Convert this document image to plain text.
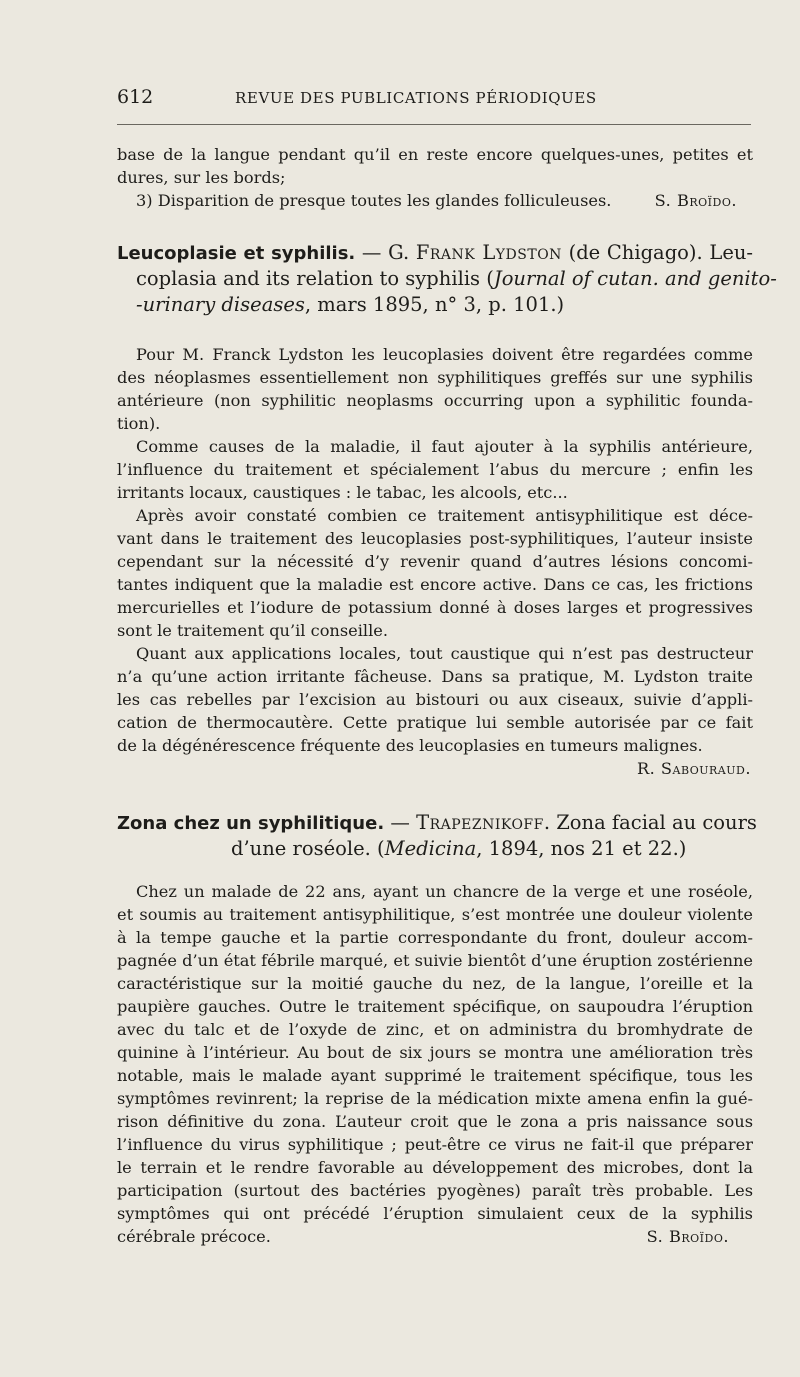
612	REVUE DES PUBLICATIONS PÉRIODIQUES
base de la langue pendant qu’il en reste encore quelques-unes, petites et
dures, sur les bords;
3) Disparition de presque toutes les glandes folliculeuses.	S. Broïdo.
Leucoplasie et syphilis. — G. Frank Lydston (de Chigago). Leu-
coplasia and its relation to syphilis (Journal of cutan. and genito-
-urinary diseases, mars 1895, n° 3, p. 101.)
Pour M. Franck Lydston les leucoplasies doivent être regardées comme
des néoplasmes essentiellement non syphilitiques greffés sur une syphilis
antérieure (non syphilitic neoplasms occurring upon a syphilitic founda-
tion).
Comme causes de la maladie, il faut ajouter à la syphilis antérieure,
l’influence du traitement et spécialement l’abus du mercure ; enfin les
irritants locaux, caustiques : le tabac, les alcools, etc...
Après avoir constaté combien ce traitement antisyphilitique est déce-
vant dans le traitement des leucoplasies post-syphilitiques, l’auteur insiste
cependant sur la nécessité d’y revenir quand d’autres lésions concomi-
tantes indiquent que la maladie est encore active. Dans ce cas, les frictions
mercurielles et l’iodure de potassium donné à doses larges et progressives
sont le traitement qu’il conseille.
Quant aux applications locales, tout caustique qui n’est pas destructeur
n’a qu’une action irritante fâcheuse. Dans sa pratique, M. Lydston traite
les cas rebelles par l’excision au bistouri ou aux ciseaux, suivie d’appli-
cation de thermocautère. Cette pratique lui semble autorisée par ce fait
de la dégénérescence fréquente des leucoplasies en tumeurs malignes.
R. Sabouraud.
Zona chez un syphilitique. — Trapeznikoff. Zona facial au cours
d’une roséole. (Medicina, 1894, nos 21 et 22.)
Chez un malade de 22 ans, ayant un chancre de la verge et une roséole,
et soumis au traitement antisyphilitique, s’est montrée une douleur violente
à la tempe gauche et la partie correspondante du front, douleur accom-
pagnée d’un état fébrile marqué, et suivie bientôt d’une éruption zostérienne
caractéristique sur la moitié gauche du nez, de la langue, l’oreille et la
paupière gauches. Outre le traitement spécifique, on saupoudra l’éruption
avec du talc et de l’oxyde de zinc, et on administra du bromhydrate de
quinine à l’intérieur. Au bout de six jours se montra une amélioration très
notable, mais le malade ayant supprimé le traitement spécifique, tous les
symptômes revinrent; la reprise de la médication mixte amena enfin la gué-
rison définitive du zona. L’auteur croit que le zona a pris naissance sous
l’influence du virus syphilitique ; peut-être ce virus ne fait-il que préparer
le terrain et le rendre favorable au développement des microbes, dont la
participation (surtout des bactéries pyogènes) paraît très probable. Les
symptômes qui ont précédé l’éruption simulaient ceux de la syphilis
cérébrale précoce.	S. Broïdo.
